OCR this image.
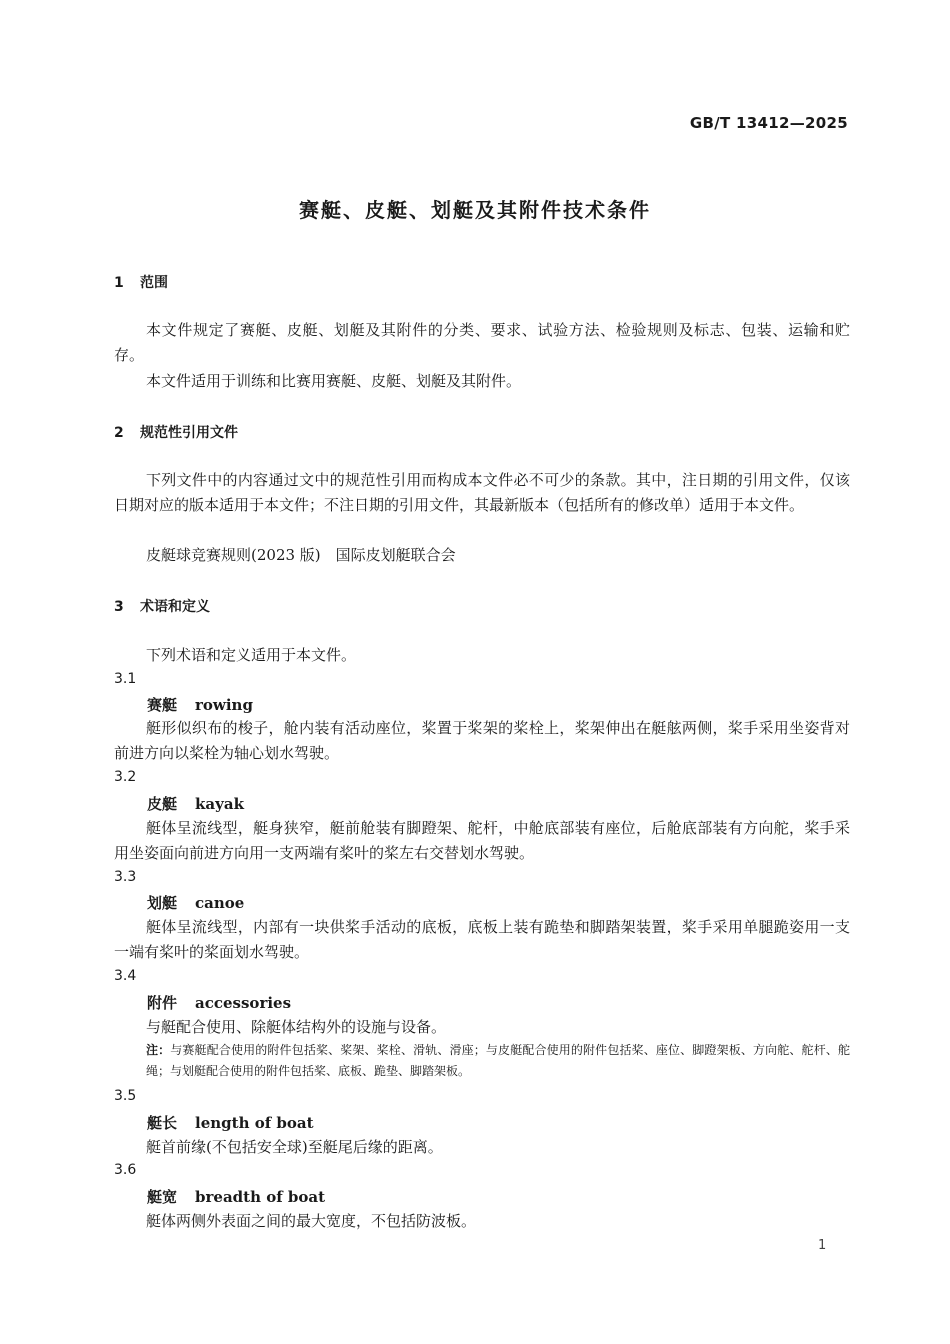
GB/T 13412—2025
赛艇、皮艇、划艇及其附件技术条件
1 范围
本文件规定了赛艇、皮艇、划艇及其附件的分类、要求、试验方法、检验规则及标志、包装、运输和贮存。
本文件适用于训练和比赛用赛艇、皮艇、划艇及其附件。
2 规范性引用文件
下列文件中的内容通过文中的规范性引用而构成本文件必不可少的条款。其中，注日期的引用文件，仅该日期对应的版本适用于本文件；不注日期的引用文件，其最新版本（包括所有的修改单）适用于本文件。
皮艇球竞赛规则(2023 版)　国际皮划艇联合会
3 术语和定义
下列术语和定义适用于本文件。
3.1
赛艇 rowing
艇形似织布的梭子，舱内装有活动座位，桨置于桨架的桨栓上，桨架伸出在艇舷两侧，桨手采用坐姿背对前进方向以桨栓为轴心划水驾驶。
3.2
皮艇 kayak
艇体呈流线型，艇身狭窄，艇前舱装有脚蹬架、舵杆，中舱底部装有座位，后舱底部装有方向舵，桨手采用坐姿面向前进方向用一支两端有桨叶的桨左右交替划水驾驶。
3.3
划艇 canoe
艇体呈流线型，内部有一块供桨手活动的底板，底板上装有跪垫和脚踏架装置，桨手采用单腿跪姿用一支一端有桨叶的桨面划水驾驶。
3.4
附件 accessories
与艇配合使用、除艇体结构外的设施与设备。
注：与赛艇配合使用的附件包括桨、桨架、桨栓、滑轨、滑座；与皮艇配合使用的附件包括桨、座位、脚蹬架板、方向舵、舵杆、舵绳；与划艇配合使用的附件包括桨、底板、跪垫、脚踏架板。
3.5
艇长 length of boat
艇首前缘(不包括安全球)至艇尾后缘的距离。
3.6
艇宽 breadth of boat
艇体两侧外表面之间的最大宽度，不包括防波板。
1
